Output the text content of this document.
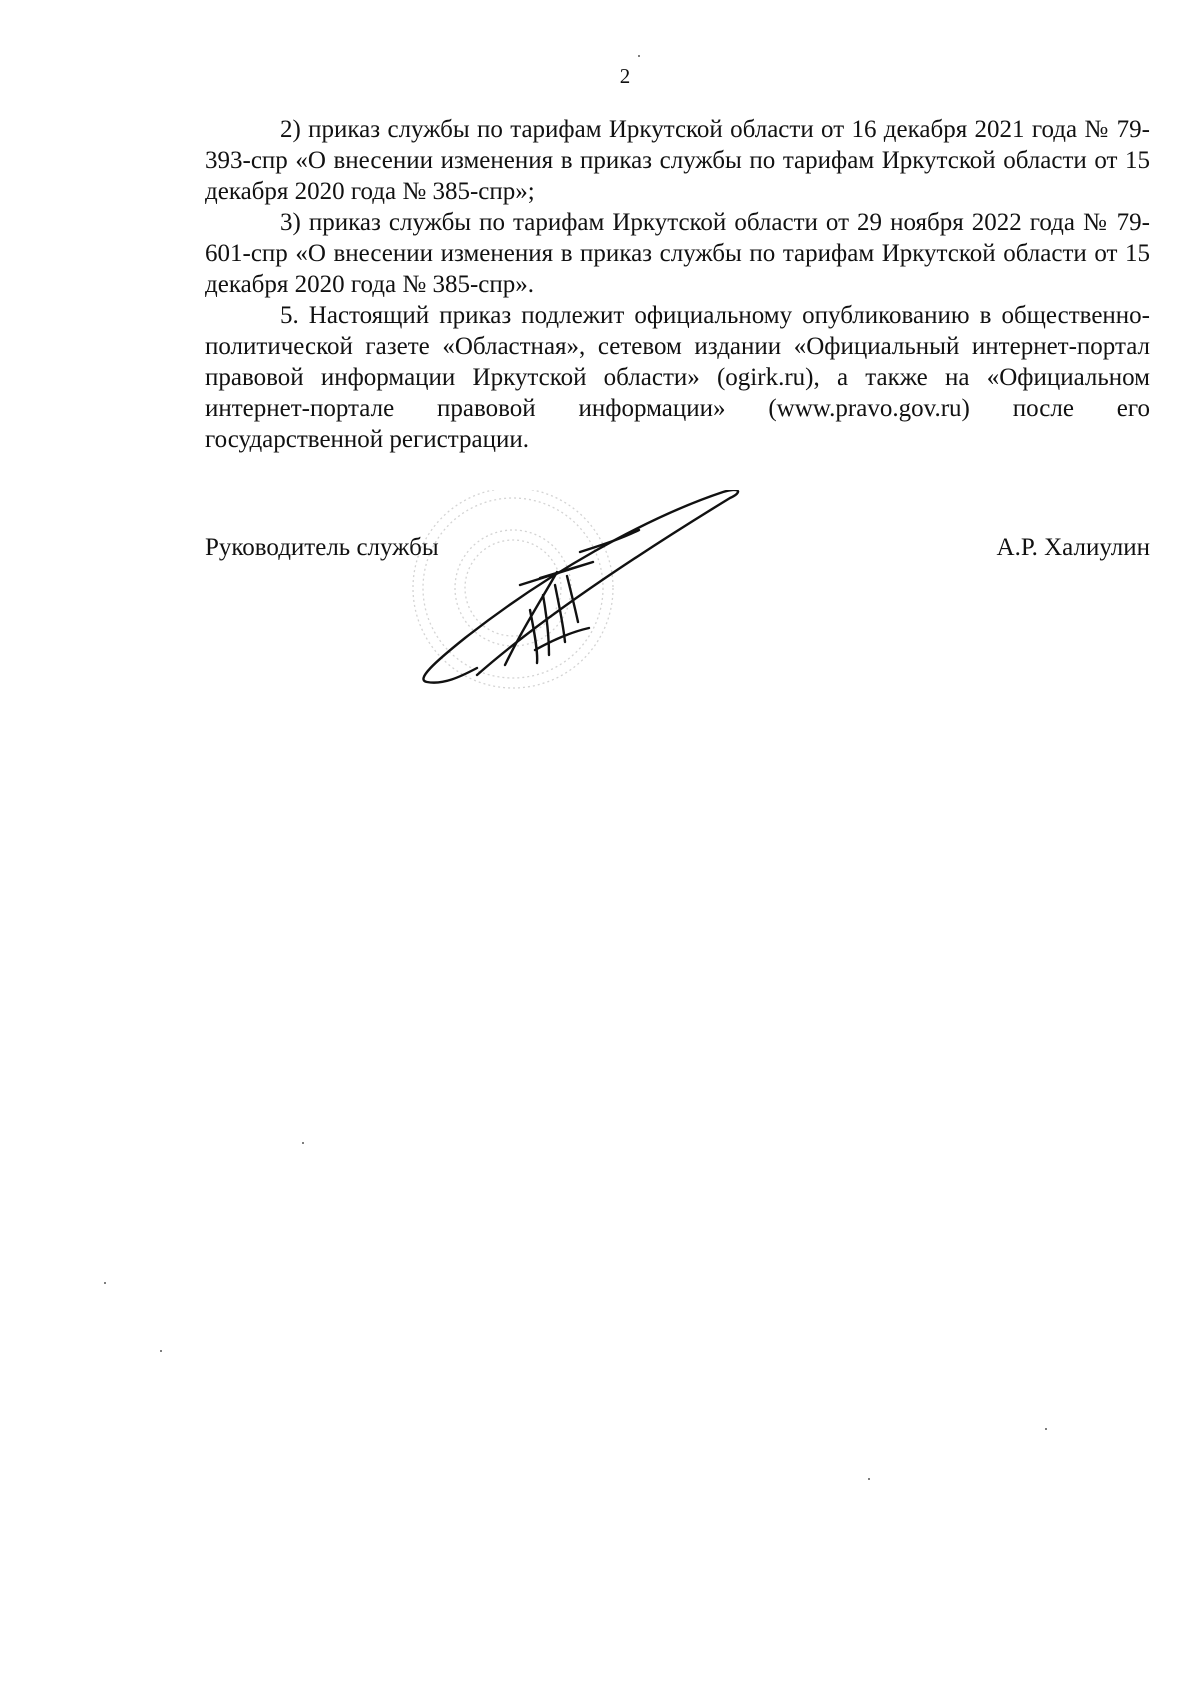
2

2) приказ службы по тарифам Иркутской области от 16 декабря 2021 года № 79-393-спр «О внесении изменения в приказ службы по тарифам Иркутской области от 15 декабря 2020 года № 385-спр»;

3) приказ службы по тарифам Иркутской области от 29 ноября 2022 года № 79-601-спр «О внесении изменения в приказ службы по тарифам Иркутской области от 15 декабря 2020 года № 385-спр».

5. Настоящий приказ подлежит официальному опубликованию в общественно-политической газете «Областная», сетевом издании «Официальный интернет-портал правовой информации Иркутской области» (ogirk.ru), а также на «Официальном интернет-портале правовой информации» (www.pravo.gov.ru) после его государственной регистрации.

Руководитель службы	А.Р. Халиулин
